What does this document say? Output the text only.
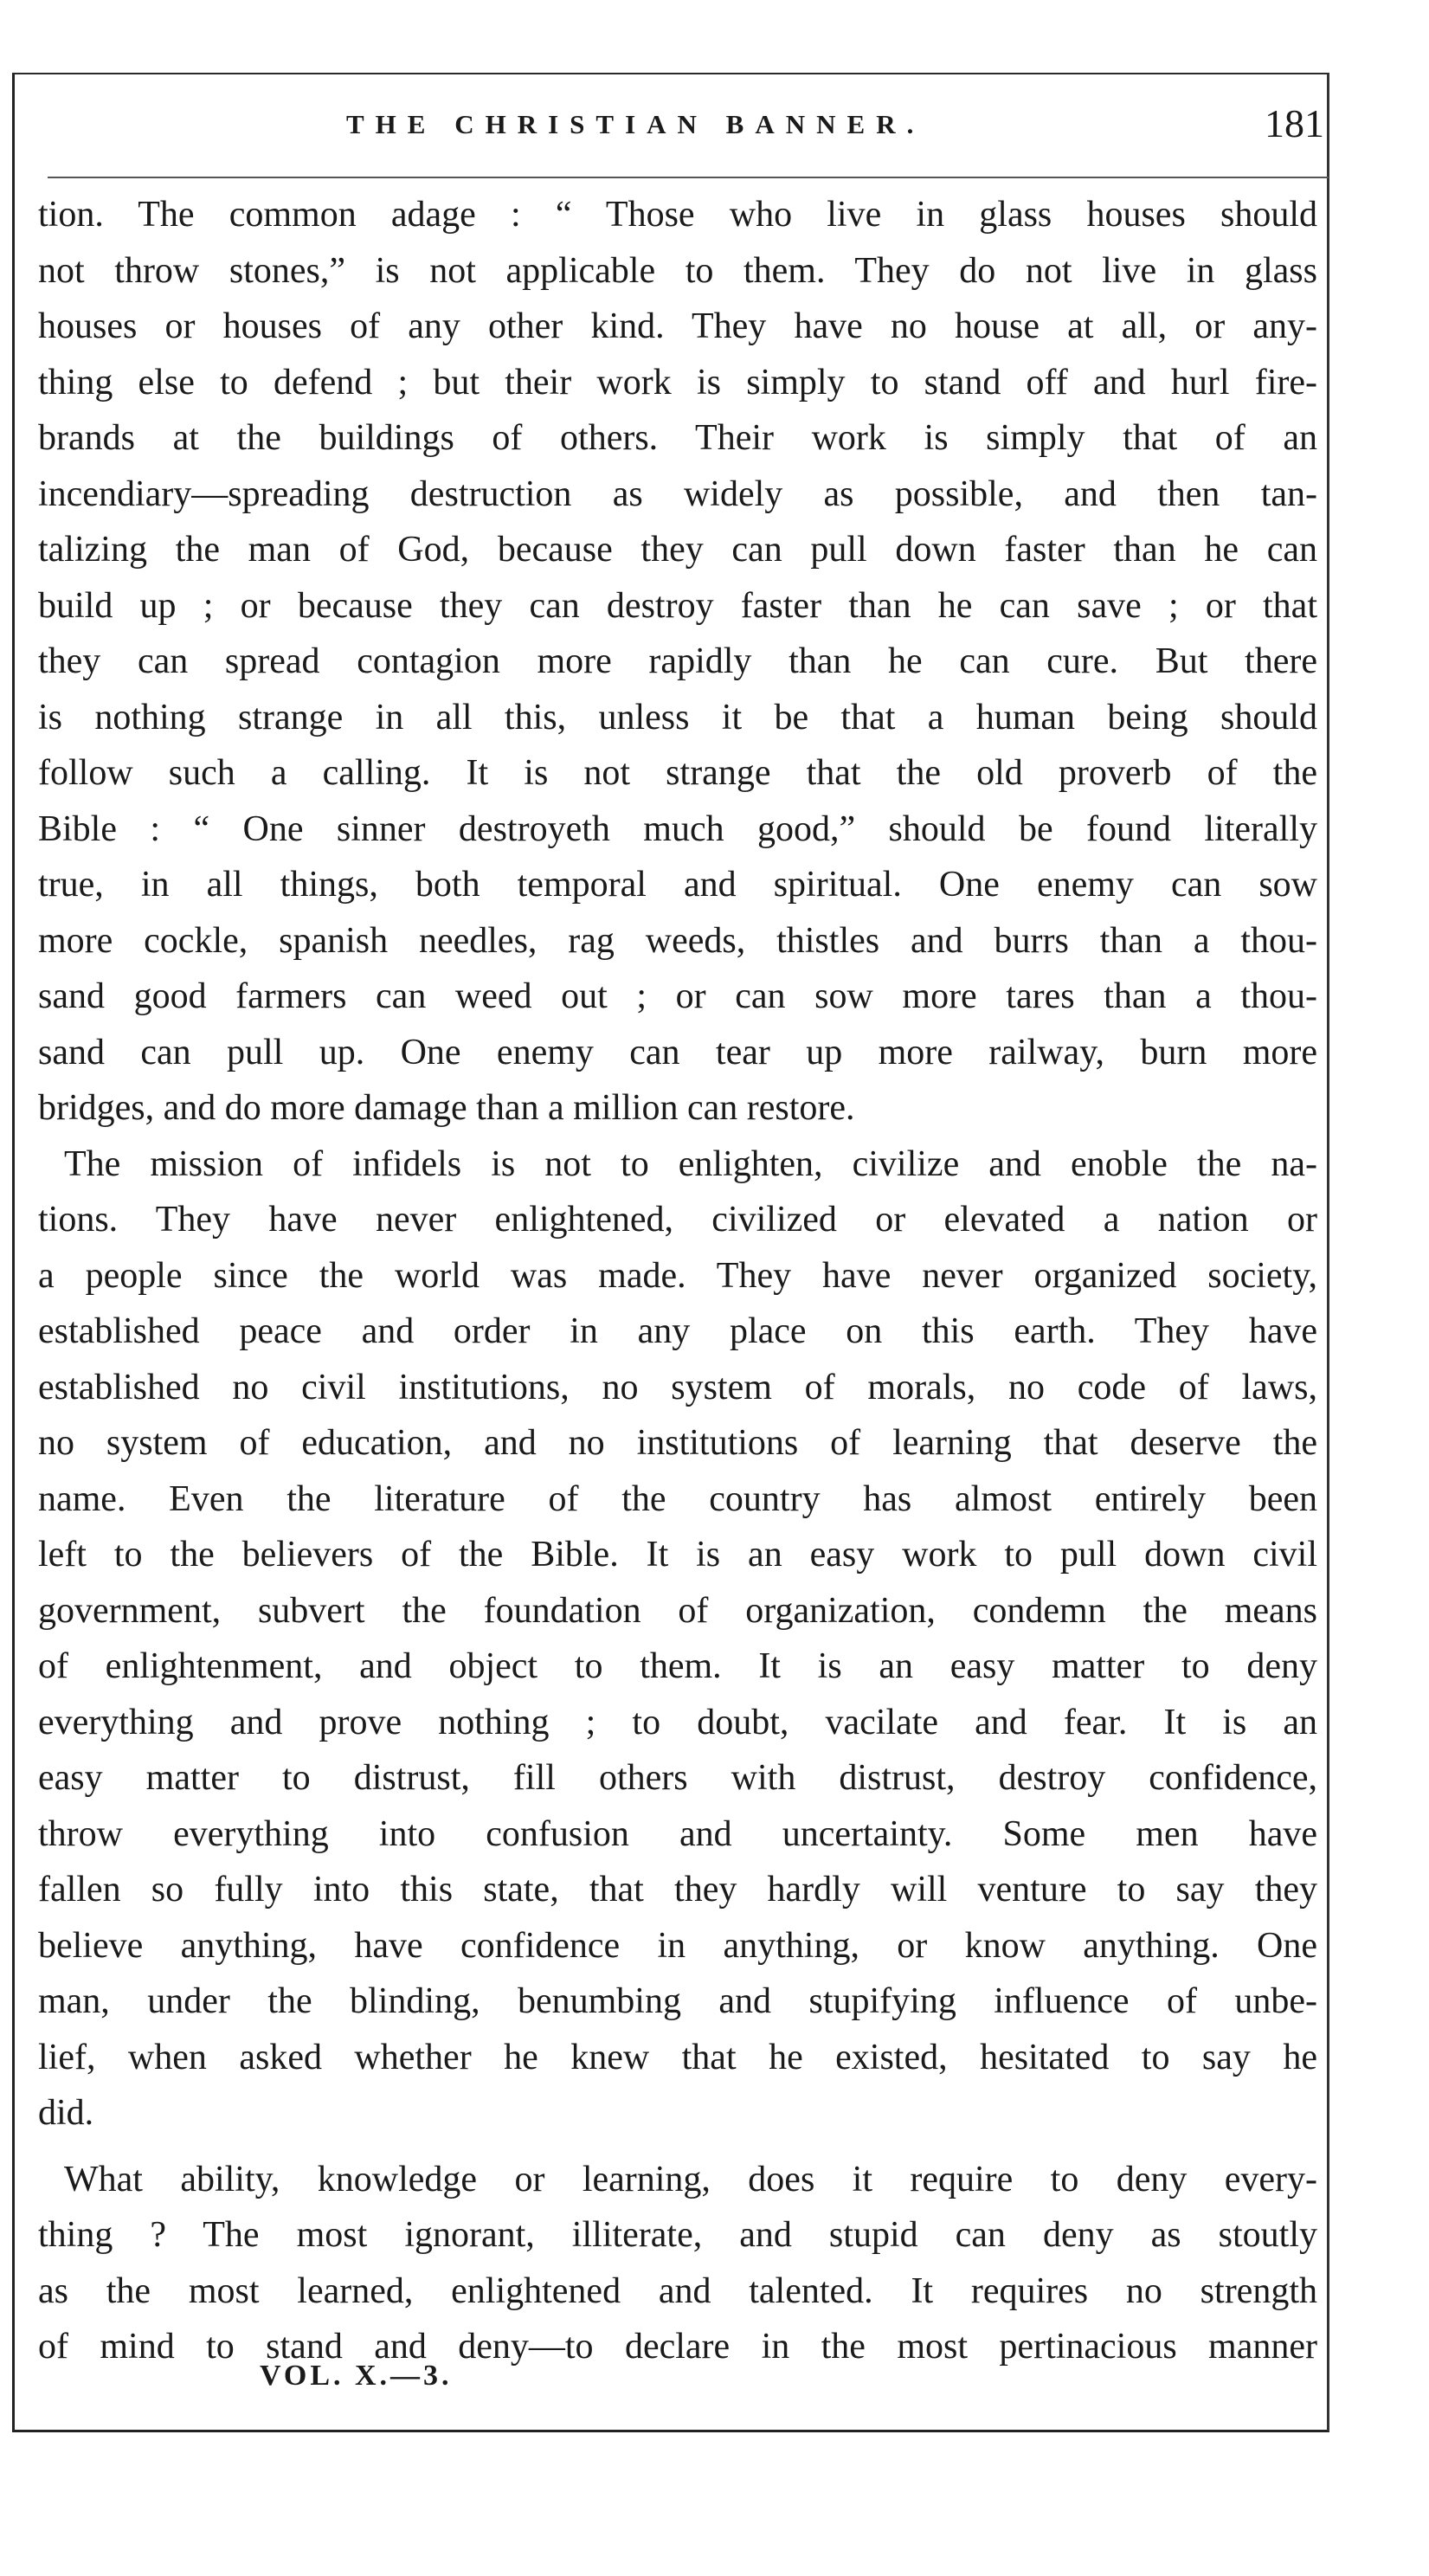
THE CHRISTIAN BANNER.	181
tion. The common adage : “ Those who live in glass houses should
not throw stones,” is not applicable to them. They do not live in glass
houses or houses of any other kind. They have no house at all, or any-
thing else to defend ; but their work is simply to stand off and hurl fire-
brands at the buildings of others. Their work is simply that of an
incendiary—spreading destruction as widely as possible, and then tan-
talizing the man of God, because they can pull down faster than he can
build up ; or because they can destroy faster than he can save ; or that
they can spread contagion more rapidly than he can cure. But there
is nothing strange in all this, unless it be that a human being should
follow such a calling. It is not strange that the old proverb of the
Bible : “ One sinner destroyeth much good,” should be found literally
true, in all things, both temporal and spiritual. One enemy can sow
more cockle, spanish needles, rag weeds, thistles and burrs than a thou-
sand good farmers can weed out ; or can sow more tares than a thou-
sand can pull up. One enemy can tear up more railway, burn more
bridges, and do more damage than a million can restore.
The mission of infidels is not to enlighten, civilize and enoble the na-
tions. They have never enlightened, civilized or elevated a nation or
a people since the world was made. They have never organized society,
established peace and order in any place on this earth. They have
established no civil institutions, no system of morals, no code of laws,
no system of education, and no institutions of learning that deserve the
name. Even the literature of the country has almost entirely been
left to the believers of the Bible. It is an easy work to pull down civil
government, subvert the foundation of organization, condemn the means
of enlightenment, and object to them. It is an easy matter to deny
everything and prove nothing ; to doubt, vacilate and fear. It is an
easy matter to distrust, fill others with distrust, destroy confidence,
throw everything into confusion and uncertainty. Some men have
fallen so fully into this state, that they hardly will venture to say they
believe anything, have confidence in anything, or know anything. One
man, under the blinding, benumbing and stupifying influence of unbe-
lief, when asked whether he knew that he existed, hesitated to say he
did.
What ability, knowledge or learning, does it require to deny every-
thing ? The most ignorant, illiterate, and stupid can deny as stoutly
as the most learned, enlightened and talented. It requires no strength
of mind to stand and deny—to declare in the most pertinacious manner
VOL. X.—3.
